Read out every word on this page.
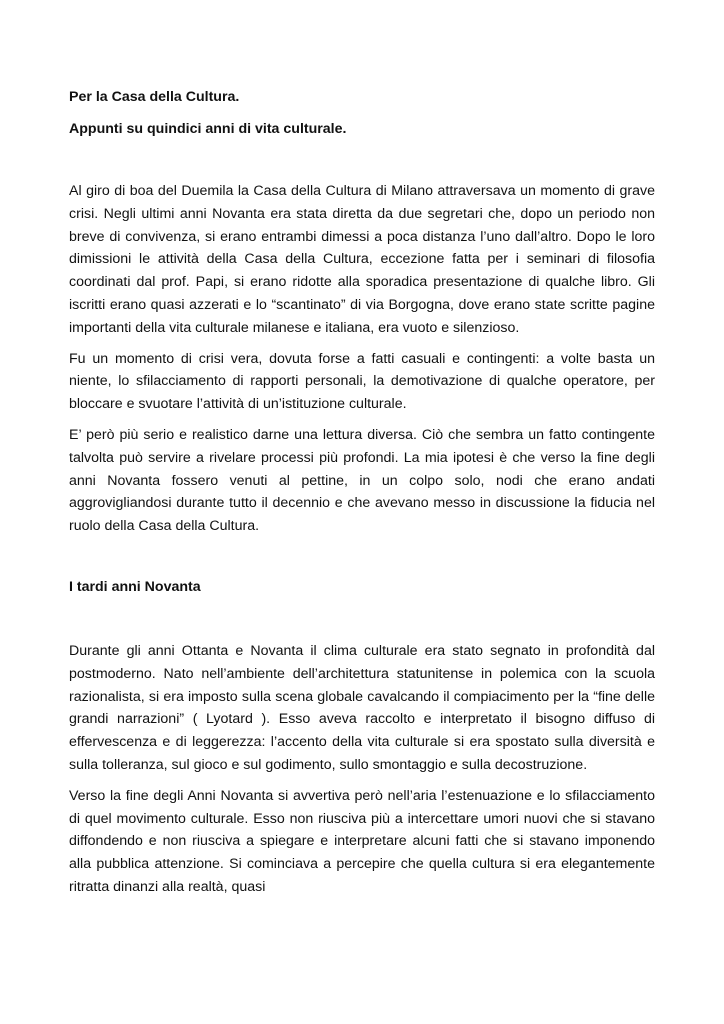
Per la Casa della Cultura.
Appunti su quindici anni di vita culturale.

Al giro di boa del Duemila la Casa della Cultura di Milano attraversava un momento di grave crisi. Negli ultimi anni Novanta era stata diretta da due segretari che, dopo un periodo non breve di convivenza, si erano entrambi dimessi a poca distanza l’uno dall’altro. Dopo le loro dimissioni le attività della Casa della Cultura, eccezione fatta per i seminari di filosofia coordinati dal prof. Papi, si erano ridotte alla sporadica presentazione di qualche libro. Gli iscritti erano quasi azzerati e lo “scantinato” di via Borgogna, dove erano state scritte pagine importanti della vita culturale milanese e italiana, era vuoto e silenzioso.

Fu un momento di crisi vera, dovuta forse a fatti casuali e contingenti: a volte basta un niente, lo sfilacciamento di rapporti personali, la demotivazione di qualche operatore, per bloccare e svuotare l’attività di un’istituzione culturale.

E’ però più serio e realistico darne una lettura diversa. Ciò che sembra un fatto contingente talvolta può servire a rivelare processi più profondi. La mia ipotesi è che verso la fine degli anni Novanta fossero venuti al pettine, in un colpo solo, nodi che erano andati aggrovigliandosi durante tutto il decennio e che avevano messo in discussione la fiducia nel ruolo della Casa della Cultura.

I tardi anni Novanta

Durante gli anni Ottanta e Novanta il clima culturale era stato segnato in profondità dal postmoderno. Nato nell’ambiente dell’architettura statunitense in polemica con la scuola razionalista, si era imposto sulla scena globale cavalcando il compiacimento per la “fine delle grandi narrazioni” ( Lyotard ). Esso aveva raccolto e interpretato il bisogno diffuso di effervescenza e di leggerezza: l’accento della vita culturale si era spostato sulla diversità e sulla tolleranza, sul gioco e sul godimento, sullo smontaggio e sulla decostruzione.

Verso la fine degli Anni Novanta si avvertiva però nell’aria l’estenuazione e lo sfilacciamento di quel movimento culturale. Esso non riusciva più a intercettare umori nuovi che si stavano diffondendo e non riusciva a spiegare e interpretare alcuni fatti che si stavano imponendo alla pubblica attenzione. Si cominciava a percepire che quella cultura si era elegantemente ritratta dinanzi alla realtà, quasi
